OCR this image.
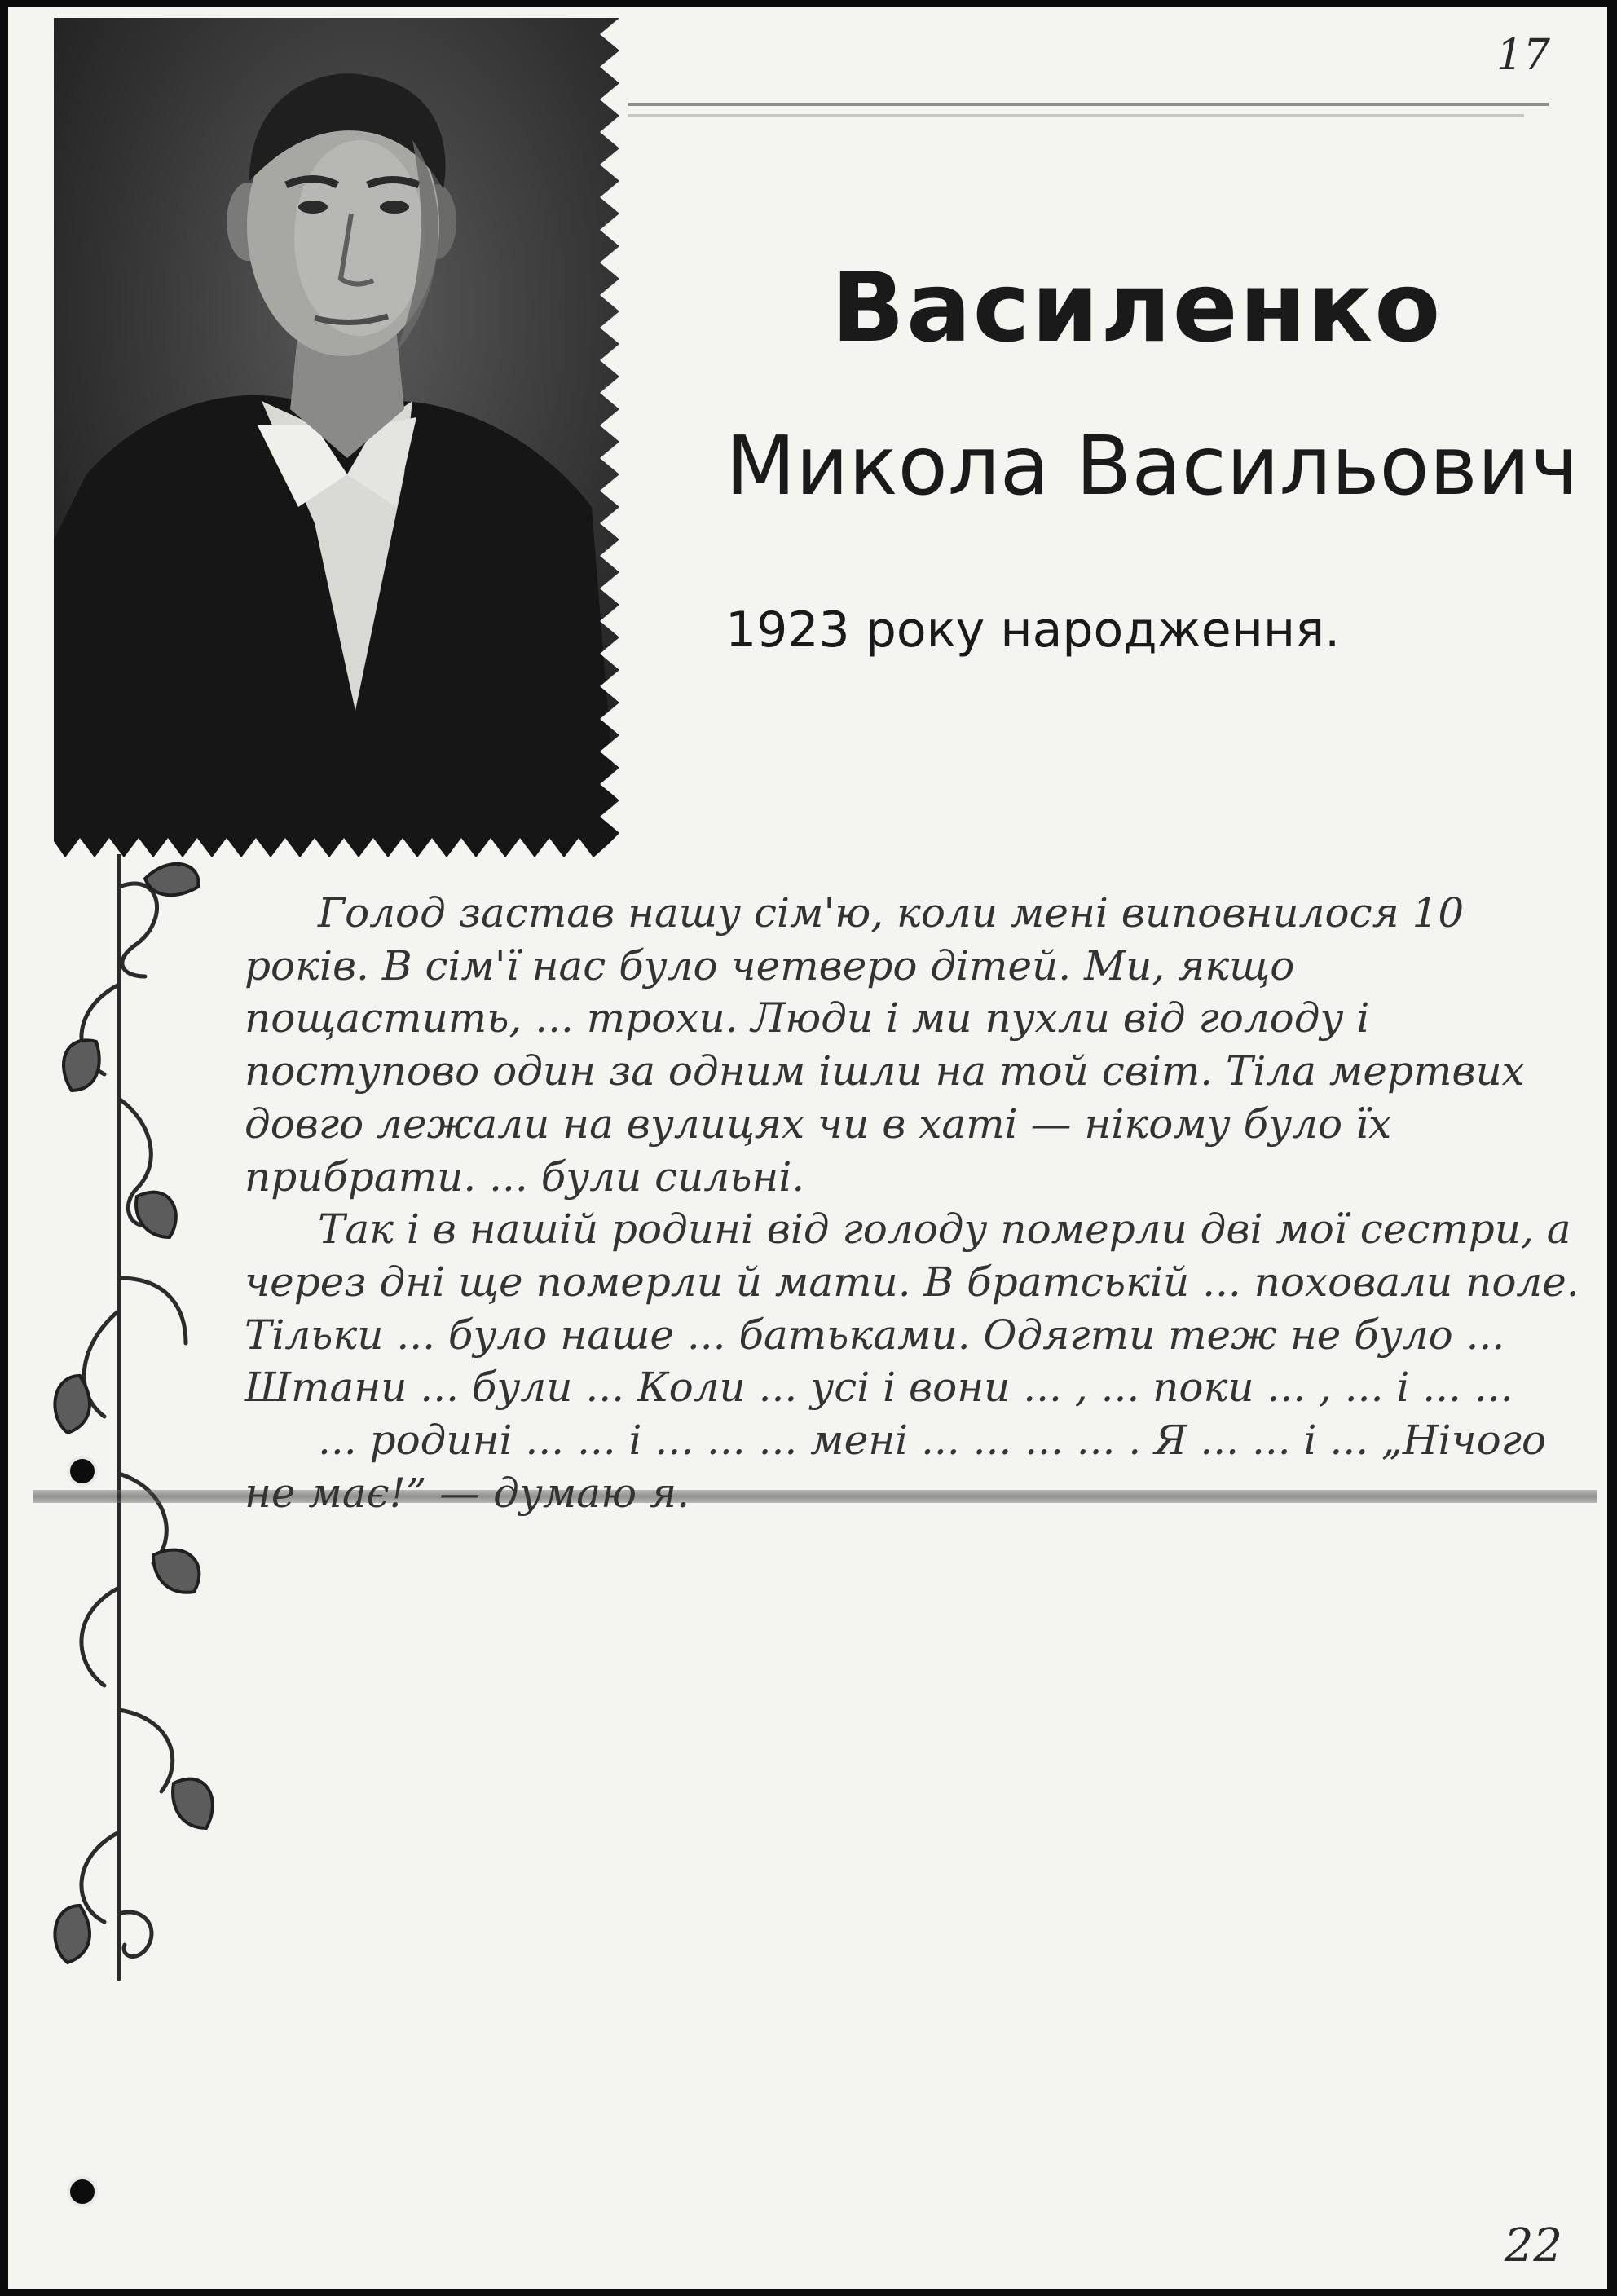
17
22
Василенко
Микола Васильович
1923 року народження.

Голод застав нашу сім'ю, коли мені виповнилося 10 років. В сім'ї нас було четверо дітей. Ми, якщо пощастить, ... трохи. Люди і ми пухли від голоду і поступово один за одним ішли на той світ. Тіла мертвих довго лежали на вулицях чи в хаті — нікому було їх прибрати. ... були сильні.

Так і в нашій родині від голоду померли дві мої сестри, а через дні ще померли й мати. В братській ... поховали поле. Тільки ... було наше ... батьками. Одягти теж не було ... Штани ... були ... Коли ... усі і вони ... , ... поки ... , ... і ... ...

... родині ... ... і ... ... ... мені ... ... ... ... . Я ... ... і ... „Нічого не має!” — думаю я.
